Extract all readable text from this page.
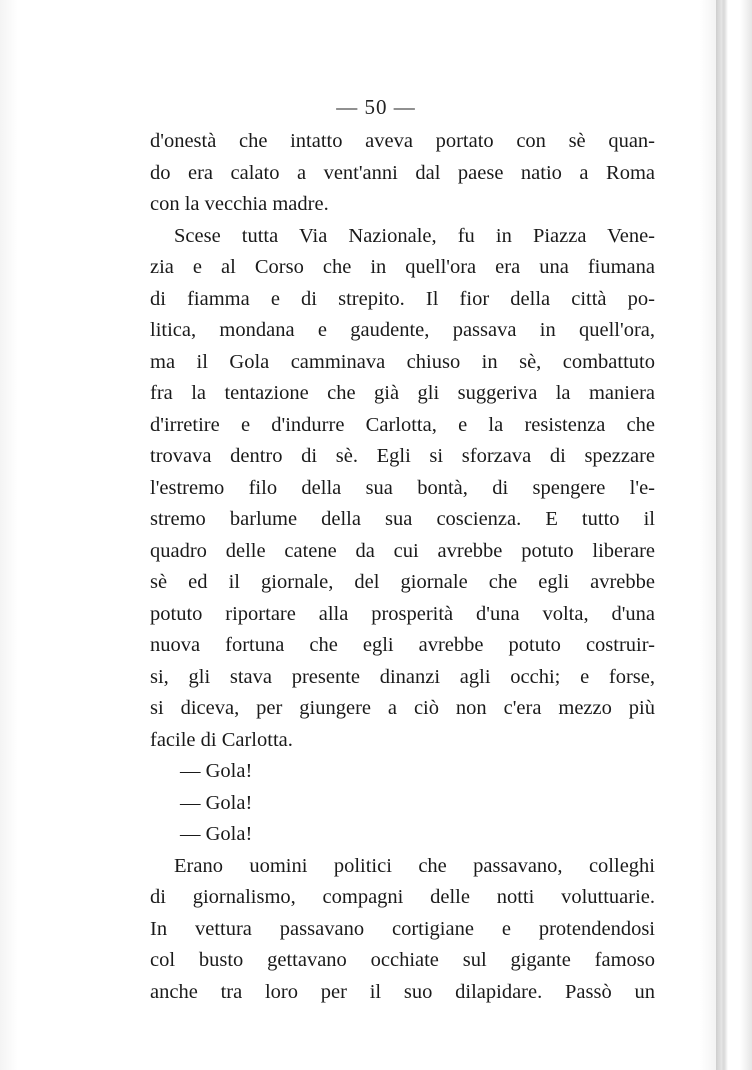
— 50 —
d'onestà che intatto aveva portato con sè quan-
do era calato a vent'anni dal paese natio a Roma
con la vecchia madre.
Scese tutta Via Nazionale, fu in Piazza Vene-
zia e al Corso che in quell'ora era una fiumana
di fiamma e di strepito. Il fior della città po-
litica, mondana e gaudente, passava in quell'ora,
ma il Gola camminava chiuso in sè, combattuto
fra la tentazione che già gli suggeriva la maniera
d'irretire e d'indurre Carlotta, e la resistenza che
trovava dentro di sè. Egli si sforzava di spezzare
l'estremo filo della sua bontà, di spengere l'e-
stremo barlume della sua coscienza. E tutto il
quadro delle catene da cui avrebbe potuto liberare
sè ed il giornale, del giornale che egli avrebbe
potuto riportare alla prosperità d'una volta, d'una
nuova fortuna che egli avrebbe potuto costruir-
si, gli stava presente dinanzi agli occhi; e forse,
si diceva, per giungere a ciò non c'era mezzo più
facile di Carlotta.
— Gola!
— Gola!
— Gola!
Erano uomini politici che passavano, colleghi
di giornalismo, compagni delle notti voluttuarie.
In vettura passavano cortigiane e protendendosi
col busto gettavano occhiate sul gigante famoso
anche tra loro per il suo dilapidare. Passò un
